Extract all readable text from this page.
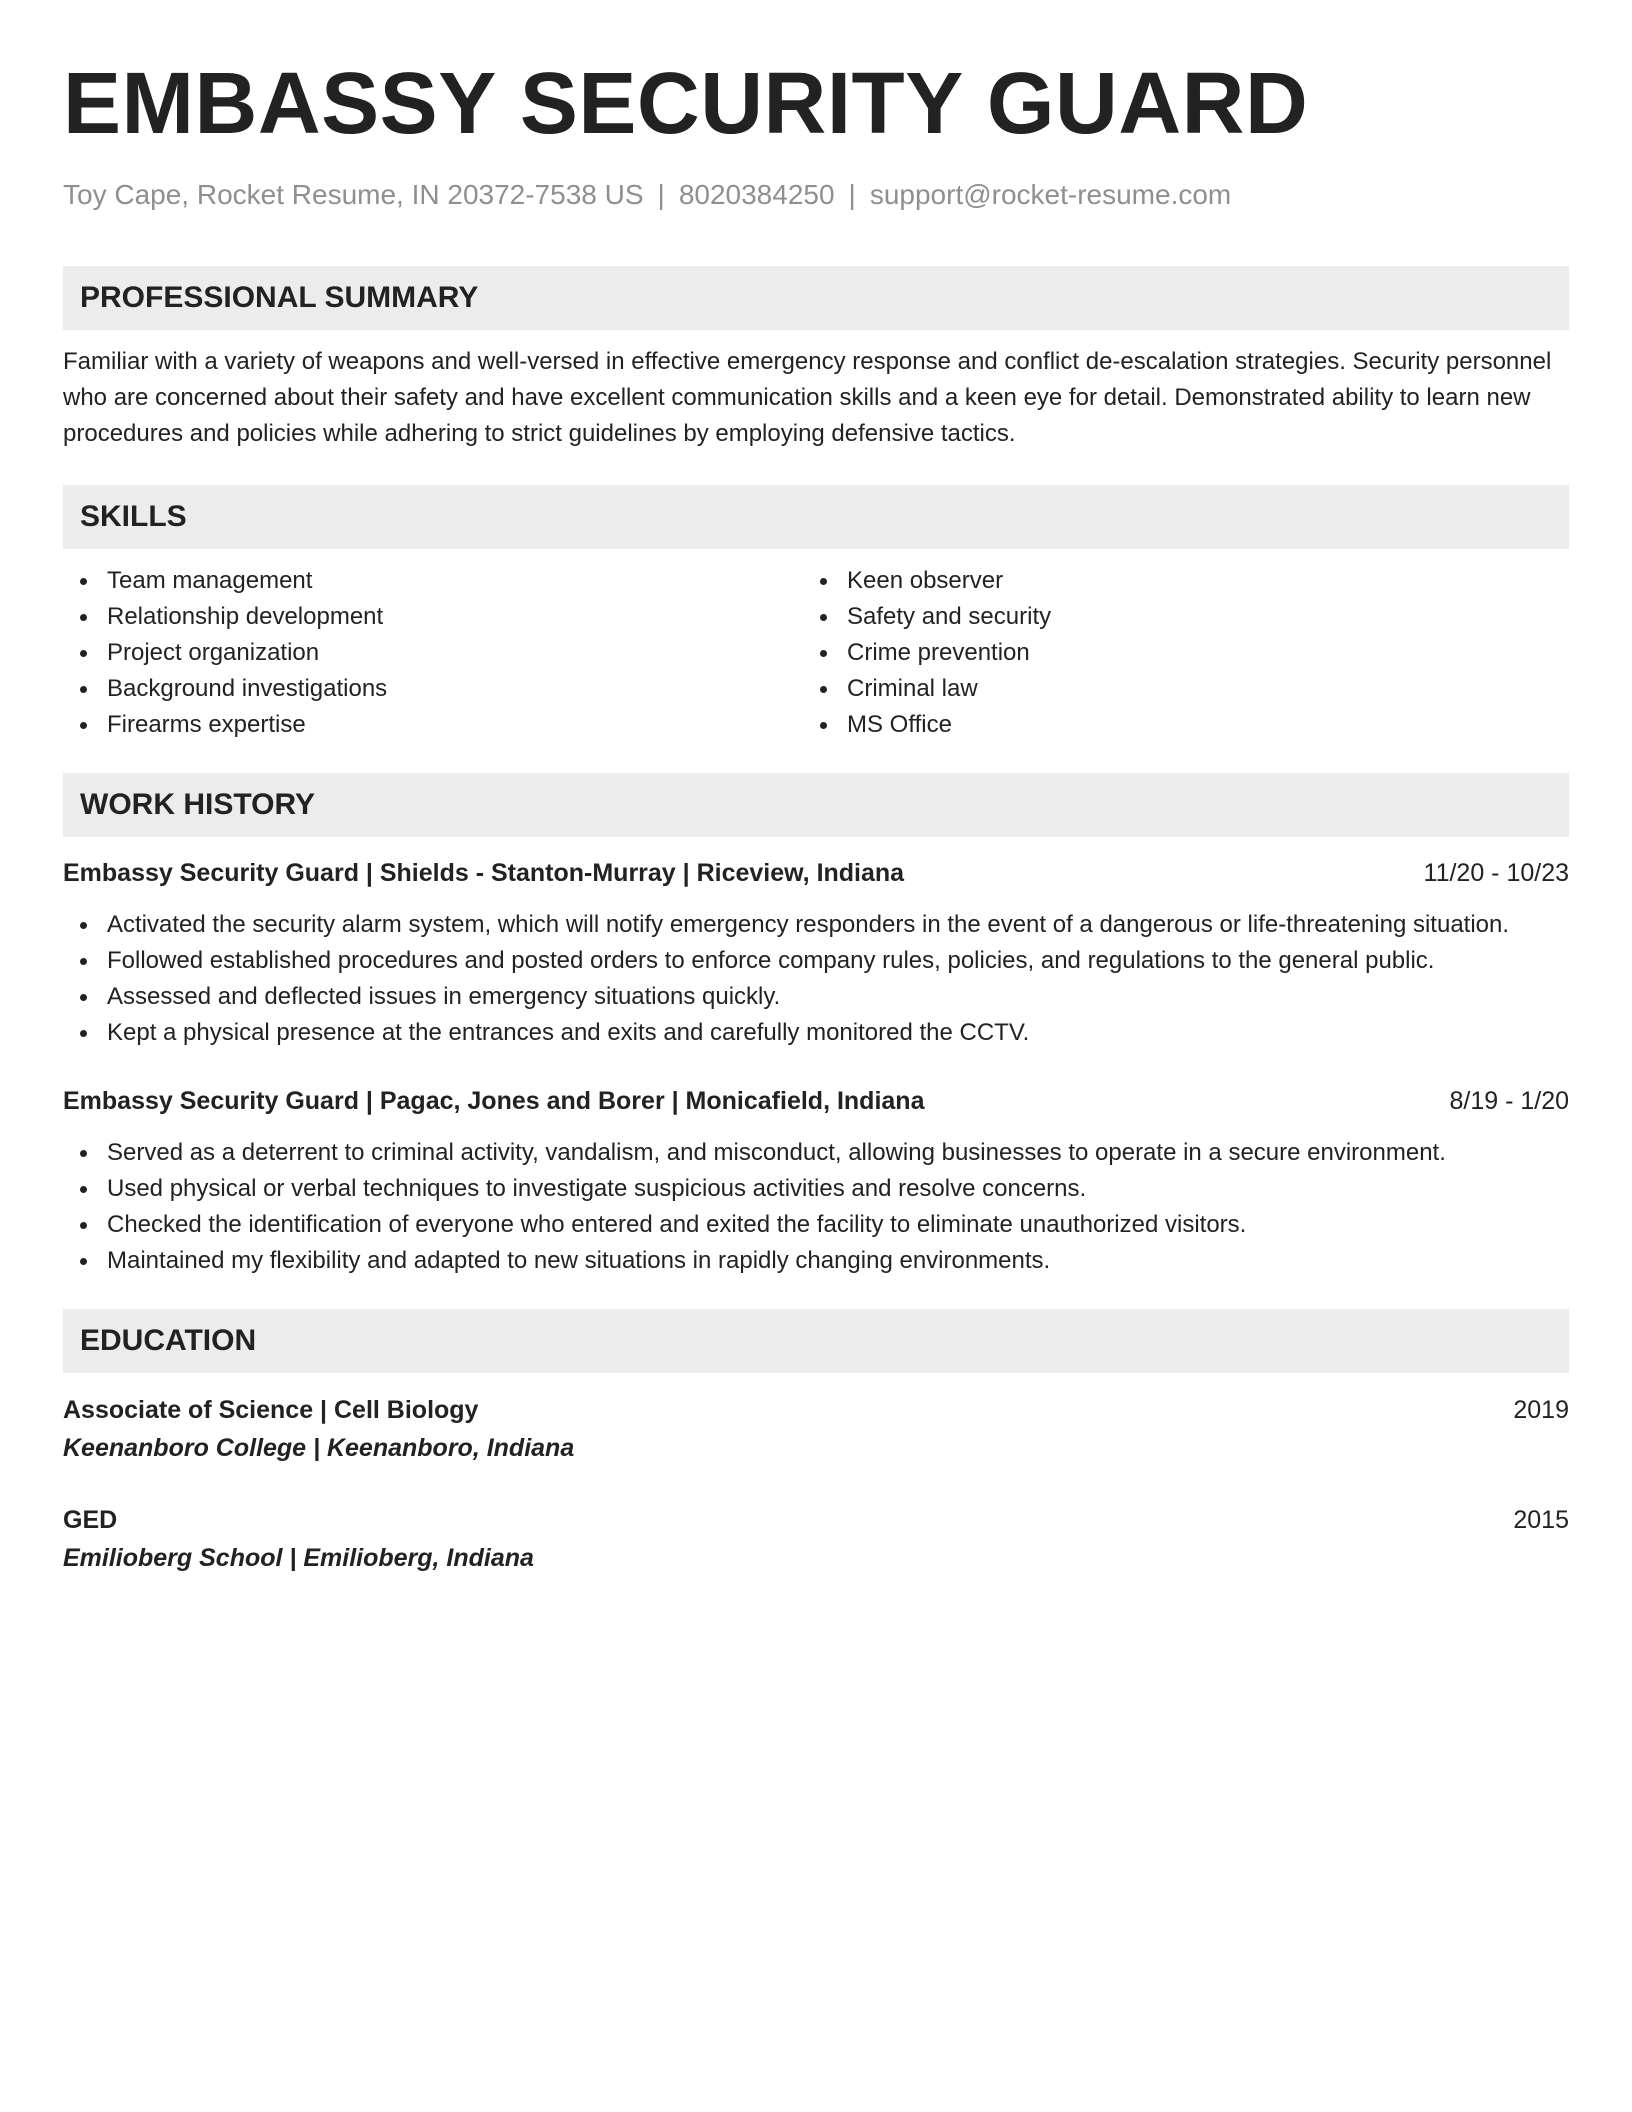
EMBASSY SECURITY GUARD
Toy Cape, Rocket Resume, IN 20372-7538 US | 8020384250 | support@rocket-resume.com
PROFESSIONAL SUMMARY

Familiar with a variety of weapons and well-versed in effective emergency response and conflict de-escalation strategies. Security personnel who are concerned about their safety and have excellent communication skills and a keen eye for detail. Demonstrated ability to learn new procedures and policies while adhering to strict guidelines by employing defensive tactics.

SKILLS
Team management
Relationship development
Project organization
Background investigations
Firearms expertise
Keen observer
Safety and security
Crime prevention
Criminal law
MS Office
WORK HISTORY
Embassy Security Guard | Shields - Stanton-Murray | Riceview, Indiana	11/20 - 10/23
Activated the security alarm system, which will notify emergency responders in the event of a dangerous or life-threatening situation.
Followed established procedures and posted orders to enforce company rules, policies, and regulations to the general public.
Assessed and deflected issues in emergency situations quickly.
Kept a physical presence at the entrances and exits and carefully monitored the CCTV.
Embassy Security Guard | Pagac, Jones and Borer | Monicafield, Indiana	8/19 - 1/20
Served as a deterrent to criminal activity, vandalism, and misconduct, allowing businesses to operate in a secure environment.
Used physical or verbal techniques to investigate suspicious activities and resolve concerns.
Checked the identification of everyone who entered and exited the facility to eliminate unauthorized visitors.
Maintained my flexibility and adapted to new situations in rapidly changing environments.
EDUCATION
Associate of Science | Cell Biology	2019
Keenanboro College | Keenanboro, Indiana
GED	2015
Emilioberg School | Emilioberg, Indiana
